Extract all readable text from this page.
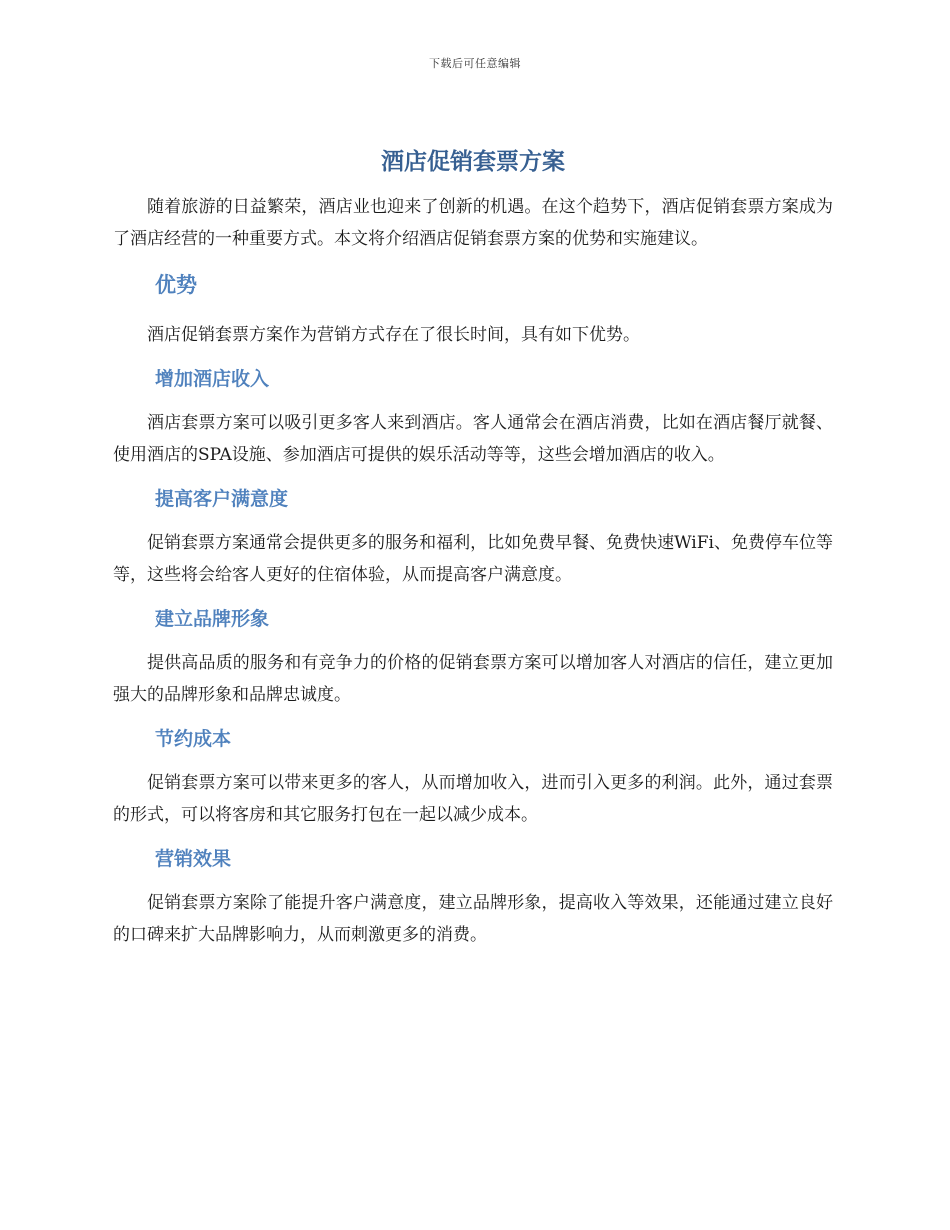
下载后可任意编辑
酒店促销套票方案

随着旅游的日益繁荣，酒店业也迎来了创新的机遇。在这个趋势下，酒店促销套票方案成为了酒店经营的一种重要方式。本文将介绍酒店促销套票方案的优势和实施建议。

优势

酒店促销套票方案作为营销方式存在了很长时间，具有如下优势。

增加酒店收入

酒店套票方案可以吸引更多客人来到酒店。客人通常会在酒店消费，比如在酒店餐厅就餐、使用酒店的SPA设施、参加酒店可提供的娱乐活动等等，这些会增加酒店的收入。

提高客户满意度

促销套票方案通常会提供更多的服务和福利，比如免费早餐、免费快速WiFi、免费停车位等等，这些将会给客人更好的住宿体验，从而提高客户满意度。

建立品牌形象

提供高品质的服务和有竞争力的价格的促销套票方案可以增加客人对酒店的信任，建立更加强大的品牌形象和品牌忠诚度。

节约成本

促销套票方案可以带来更多的客人，从而增加收入，进而引入更多的利润。此外，通过套票的形式，可以将客房和其它服务打包在一起以减少成本。

营销效果

促销套票方案除了能提升客户满意度，建立品牌形象，提高收入等效果，还能通过建立良好的口碑来扩大品牌影响力，从而刺激更多的消费。
